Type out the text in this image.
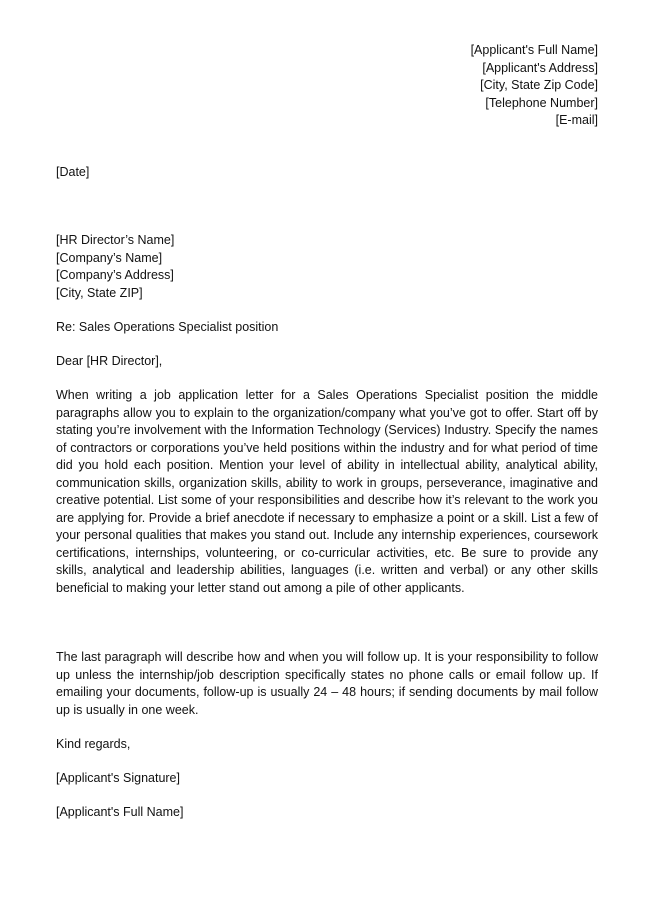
[Applicant's Full Name]
[Applicant's Address]
[City, State Zip Code]
[Telephone Number]
[E-mail]
[Date]
[HR Director’s Name]
[Company’s Name]
[Company’s Address]
[City, State ZIP]
Re: Sales Operations Specialist position
Dear [HR Director],
When writing a job application letter for a Sales Operations Specialist position the middle paragraphs allow you to explain to the organization/company what you’ve got to offer. Start off by stating you’re involvement with the Information Technology (Services) Industry. Specify the names of contractors or corporations you’ve held positions within the industry and for what period of time did you hold each position. Mention your level of ability in intellectual ability, analytical ability, communication skills, organization skills, ability to work in groups, perseverance, imaginative and creative potential. List some of your responsibilities and describe how it’s relevant to the work you are applying for. Provide a brief anecdote if necessary to emphasize a point or a skill. List a few of your personal qualities that makes you stand out. Include any internship experiences, coursework certifications, internships, volunteering, or co-curricular activities, etc. Be sure to provide any skills, analytical and leadership abilities, languages (i.e. written and verbal) or any other skills beneficial to making your letter stand out among a pile of other applicants.
The last paragraph will describe how and when you will follow up. It is your responsibility to follow up unless the internship/job description specifically states no phone calls or email follow up. If emailing your documents, follow-up is usually 24 – 48 hours; if sending documents by mail follow up is usually in one week.
Kind regards,
[Applicant's Signature]
[Applicant's Full Name]
